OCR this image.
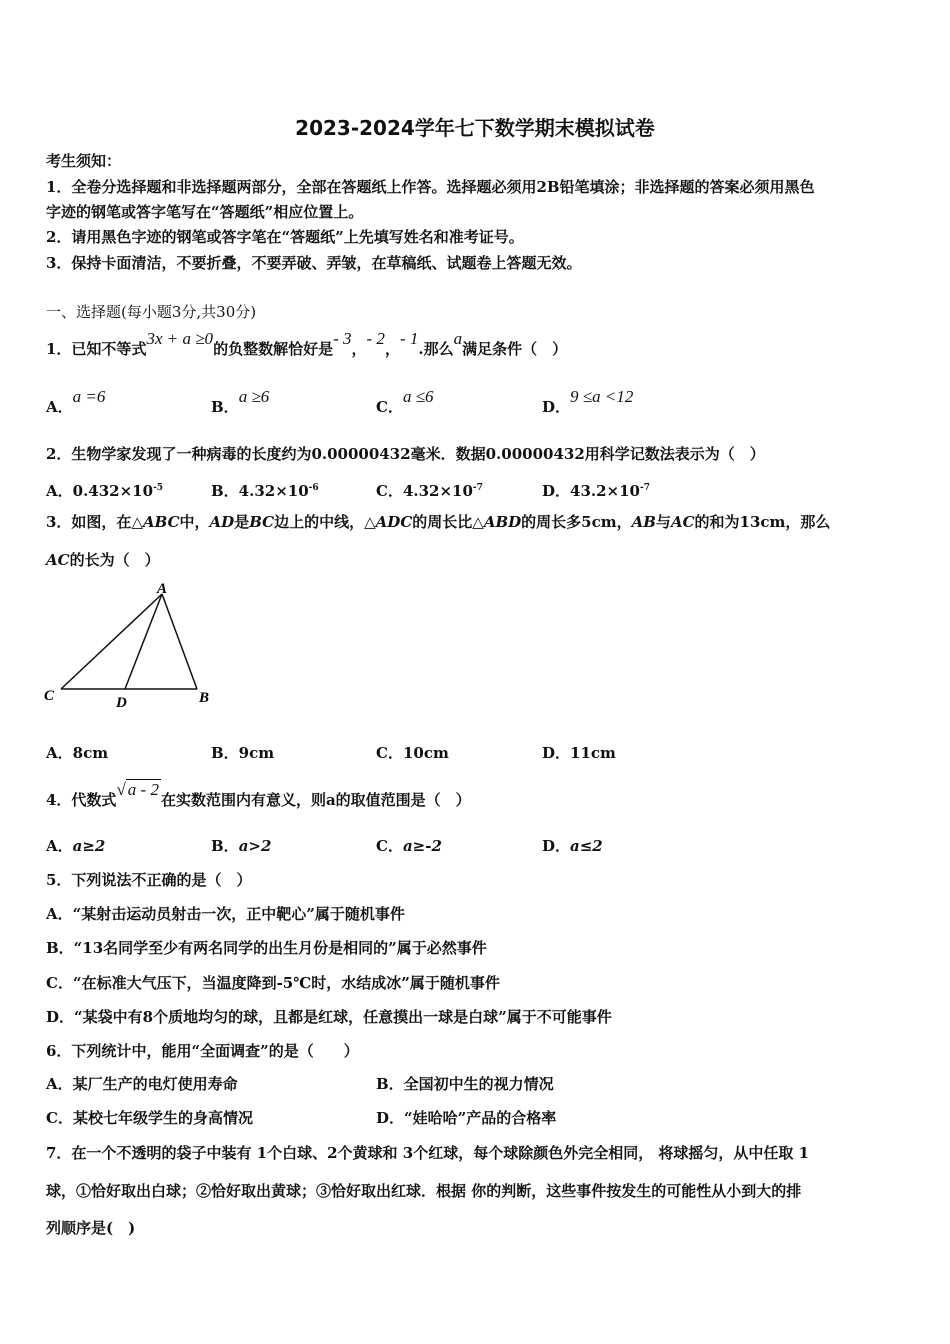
2023-2024学年七下数学期末模拟试卷
考生须知：
1．全卷分选择题和非选择题两部分，全部在答题纸上作答。选择题必须用2B铅笔填涂；非选择题的答案必须用黑色
字迹的钢笔或答字笔写在“答题纸”相应位置上。
2．请用黑色字迹的钢笔或答字笔在“答题纸”上先填写姓名和准考证号。
3．保持卡面清洁，不要折叠，不要弄破、弄皱，在草稿纸、试题卷上答题无效。
一、选择题(每小题3分,共30分)
1．已知不等式3x + a ≥0的负整数解恰好是- 3，- 2，- 1.那么a满足条件（　）
A．a =6
B．a ≥6
C．a ≤6
D．9 ≤a <12
2．生物学家发现了一种病毒的长度约为0.00000432毫米．数据0.00000432用科学记数法表示为（　）
A．$0.432\times 10^{-5}$	B．$4.32\times 10^{-6}$	C．$4.32\times 10^{-7}$	D．$43.2\times 10^{-7}$
3．如图，在△ABC中，AD是BC边上的中线，△ADC的周长比△ABD的周长多5cm，AB与AC的和为13cm，那么
AC的长为（　）
A
B
C	D
A．8cm	B．9cm	C．10cm	D．11cm
4．代数式√ a - 2在实数范围内有意义，则a的取值范围是（　）
A．a≥2	B．a>2	C．a≥-2	D．a≤2
5．下列说法不正确的是（　）
A．“某射击运动员射击一次，正中靶心”属于随机事件
B．“13名同学至少有两名同学的出生月份是相同的”属于必然事件
C．“在标准大气压下，当温度降到-5℃时，水结成冰”属于随机事件
D．“某袋中有8个质地均匀的球，且都是红球，任意摸出一球是白球”属于不可能事件
6．下列统计中，能用“全面调查”的是（　　）
A．某厂生产的电灯使用寿命	B．全国初中生的视力情况
C．某校七年级学生的身高情况	D．“娃哈哈”产品的合格率
7．在一个不透明的袋子中装有 1个白球、2个黄球和 3个红球，每个球除颜色外完全相同， 将球摇匀，从中任取 1
球，①恰好取出白球；②恰好取出黄球；③恰好取出红球．根据 你的判断，这些事件按发生的可能性从小到大的排
列顺序是(　)
